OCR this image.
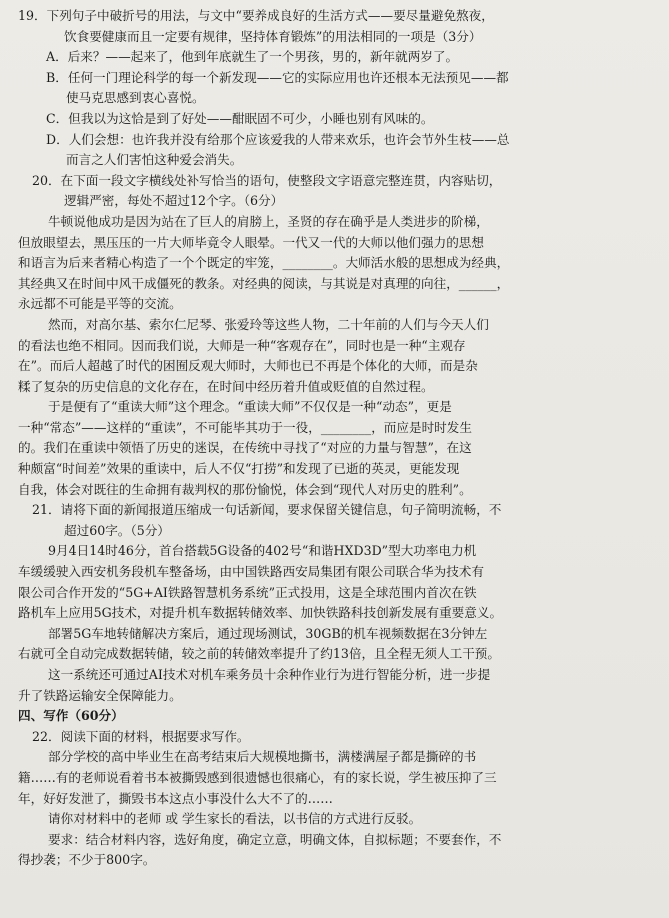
19．下列句子中破折号的用法，与文中“要养成良好的生活方式——要尽量避免熬夜，
饮食要健康而且一定要有规律，坚持体育锻炼”的用法相同的一项是（3分）
A．后来？——起来了，他到年底就生了一个男孩，男的，新年就两岁了。
B．任何一门理论科学的每一个新发现——它的实际应用也许还根本无法预见——都
使马克思感到衷心喜悦。
C．但我以为这恰是到了好处——酣眠固不可少，小睡也别有风味的。
D．人们会想：也许我并没有给那个应该爱我的人带来欢乐，也许会节外生枝——总
而言之人们害怕这种爱会消失。
20．在下面一段文字横线处补写恰当的语句，使整段文字语意完整连贯，内容贴切，
逻辑严密，每处不超过12个字。（6分）
牛顿说他成功是因为站在了巨人的肩膀上，圣贤的存在确乎是人类进步的阶梯，
但放眼望去，黑压压的一片大师毕竟令人眼晕。一代又一代的大师以他们强力的思想
和语言为后来者精心构造了一个个既定的牢笼，________。大师活水般的思想成为经典，
其经典又在时间中风干成僵死的教条。对经典的阅读，与其说是对真理的向往，______，
永远都不可能是平等的交流。
然而，对高尔基、索尔仁尼琴、张爱玲等这些人物，二十年前的人们与今天人们
的看法也绝不相同。因而我们说，大师是一种“客观存在”，同时也是一种“主观存
在”。而后人超越了时代的困囿反观大师时，大师也已不再是个体化的大师，而是杂
糅了复杂的历史信息的文化存在，在时间中经历着升值或贬值的自然过程。
于是便有了“重读大师”这个理念。“重读大师”不仅仅是一种“动态”，更是
一种“常态”——这样的“重读”，不可能毕其功于一役，________，而应是时时发生
的。我们在重读中领悟了历史的迷误，在传统中寻找了“对应的力量与智慧”，在这
种颇富“时间差”效果的重读中，后人不仅“打捞”和发现了已逝的英灵，更能发现
自我，体会对既往的生命拥有裁判权的那份愉悦，体会到“现代人对历史的胜利”。
21．请将下面的新闻报道压缩成一句话新闻，要求保留关键信息，句子简明流畅，不
超过60字。（5分）
9月4日14时46分，首台搭载5G设备的402号“和谐HXD3D”型大功率电力机
车缓缓驶入西安机务段机车整备场，由中国铁路西安局集团有限公司联合华为技术有
限公司合作开发的“5G+AI铁路智慧机务系统”正式投用，这是全球范围内首次在铁
路机车上应用5G技术，对提升机车数据转储效率、加快铁路科技创新发展有重要意义。
部署5G车地转储解决方案后，通过现场测试，30GB的机车视频数据在3分钟左
右就可全自动完成数据转储，较之前的转储效率提升了约13倍，且全程无须人工干预。
这一系统还可通过AI技术对机车乘务员十余种作业行为进行智能分析，进一步提
升了铁路运输安全保障能力。
四、写作（60分）
22．阅读下面的材料，根据要求写作。
部分学校的高中毕业生在高考结束后大规模地撕书，满楼满屋子都是撕碎的书
籍……有的老师说看着书本被撕毁感到很遗憾也很痛心，有的家长说，学生被压抑了三
年，好好发泄了，撕毁书本这点小事没什么大不了的……
请你对材料中的老师 或 学生家长的看法，以书信的方式进行反驳。
要求：结合材料内容，选好角度，确定立意，明确文体，自拟标题；不要套作，不
得抄袭；不少于800字。
